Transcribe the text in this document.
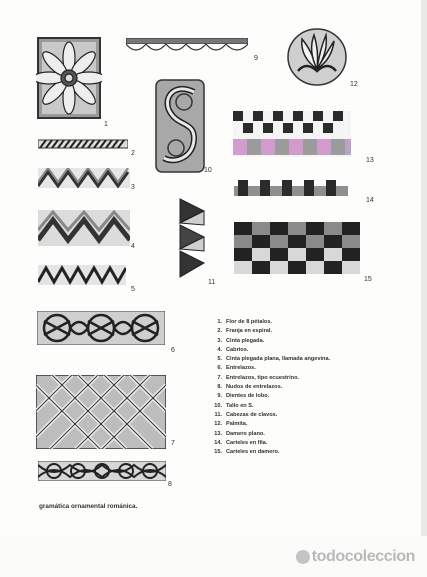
1
2
3
4
5
6
7
8
9
10
11
12
13
14
15
1. Flor de 8 pétalos.
2. Franja en espiral.
3. Cinta plegada.
4. Cabrios.
5. Cinta plegada plana, llamada angevina.
6. Entrelazos.
7. Entrelazos, tipo ecuestrino.
8. Nudos de entrelazos.
9. Dientes de lobo.
10. Tallo en S.
11. Cabezas de clavos.
12. Palmita.
13. Damero plano.
14. Carteles en fila.
15. Carteles en damero.
gramática ornamental románica.
todocoleccion
